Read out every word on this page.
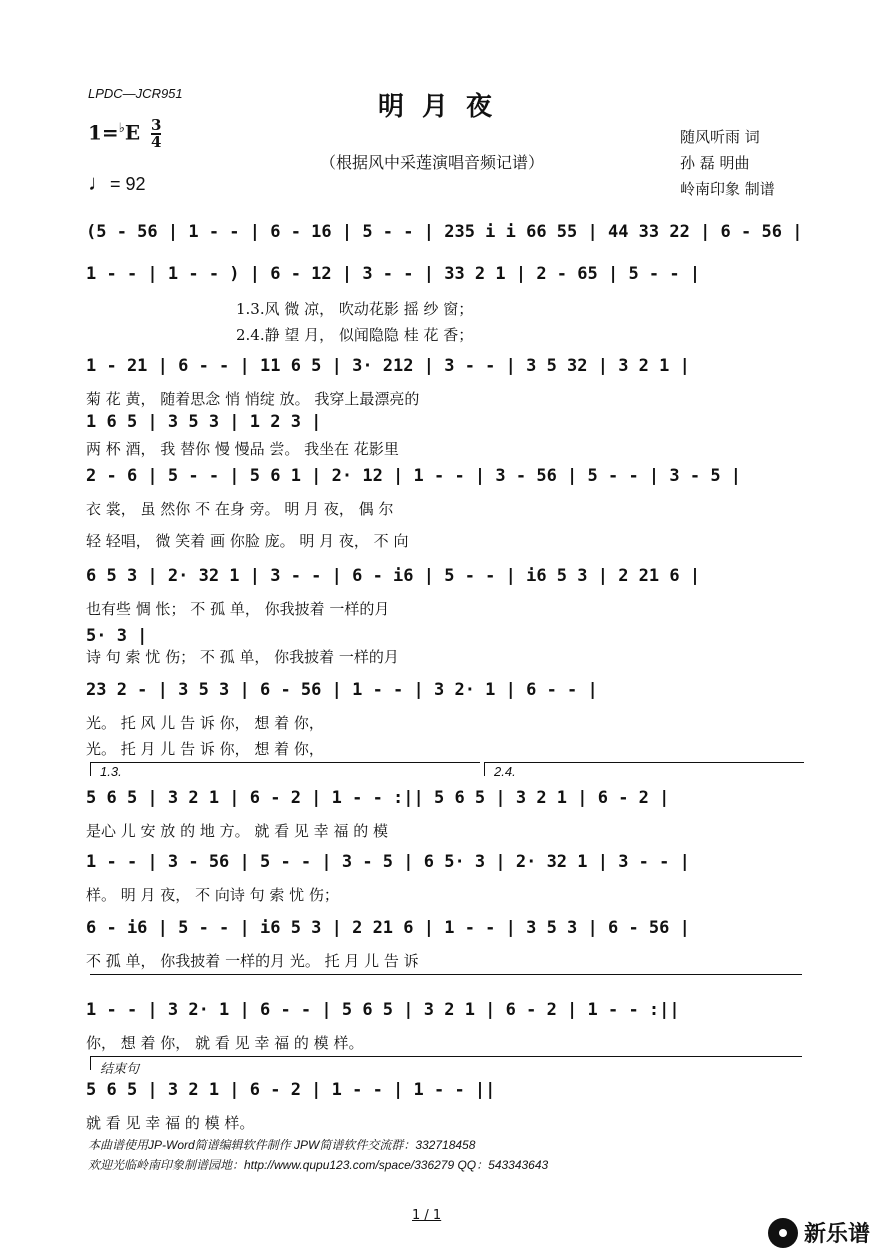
LPDC—JCR951	明月夜
$1=^♭E \frac{3}{4}$
（根据风中采莲演唱音频记谱）
♩= 92
随风听雨 词
孙 磊 明曲
岭南印象 制谱
(5 - 56 | 1 - - | 6 - 16 | 5 - - | 235 i i 66 55 | 44 33 22 | 6 - 56 |
1 - - | 1 - - ) | 6 - 12 | 3 - - | 33 2 1 | 2 - 65 | 5 - - |
1 - 21 | 6 - - | 11 6 5 | 3· 212 | 3 - - | 3 5 32 | 3 2 1 |
1 6 5 | 3 5 3 | 1 2 3 |
2 - 6 | 5 - - | 5 6 1 | 2· 12 | 1 - - | 3 - 56 | 5 - - | 3 - 5 |
6 5 3 | 2· 32 1 | 3 - - | 6 - i6 | 5 - - | i6 5 3 | 2 21 6 |
5· 3 |
23 2 - | 3 5 3 | 6 - 56 | 1 - - | 3 2· 1 | 6 - - |
5 6 5 | 3 2 1 | 6 - 2 | 1 - - :|| 5 6 5 | 3 2 1 | 6 - 2 |
1 - - | 3 - 56 | 5 - - | 3 - 5 | 6 5· 3 | 2· 32 1 | 3 - - |
6 - i6 | 5 - - | i6 5 3 | 2 21 6 | 1 - - | 3 5 3 | 6 - 56 |
1 - - | 3 2· 1 | 6 - - | 5 6 5 | 3 2 1 | 6 - 2 | 1 - - :||
5 6 5 | 3 2 1 | 6 - 2 | 1 - - | 1 - - ||
1.3.风 微 凉， 吹动花影 摇 纱 窗；
2.4.静 望 月， 似闻隐隐 桂 花 香；
菊 花 黄， 随着思念 悄 悄绽 放。 我穿上最漂亮的
两 杯 酒， 我 替你 慢 慢品 尝。 我坐在 花影里
衣 裳， 虽 然你 不 在身 旁。 明 月 夜， 偶 尔
轻 轻唱， 微 笑着 画 你脸 庞。 明 月 夜， 不 向
也有些 惆 怅； 不 孤 单， 你我披着 一样的月
诗 句 索 忧 伤； 不 孤 单， 你我披着 一样的月
光。 托 风 儿 告 诉 你， 想 着 你，
光。 托 月 儿 告 诉 你， 想 着 你，
是心 儿 安 放 的 地 方。 就 看 见 幸 福 的 模
样。 明 月 夜， 不 向诗 句 索 忧 伤；
不 孤 单， 你我披着 一样的月 光。 托 月 儿 告 诉
你， 想 着 你， 就 看 见 幸 福 的 模 样。
就 看 见 幸 福 的 模 样。
1.3.	2.4.
结束句
本曲谱使用JP-Word简谱编辑软件制作 JPW简谱软件交流群：332718458
欢迎光临岭南印象制谱园地：http://www.qupu123.com/space/336279 QQ：543343643
1 / 1
新乐谱
